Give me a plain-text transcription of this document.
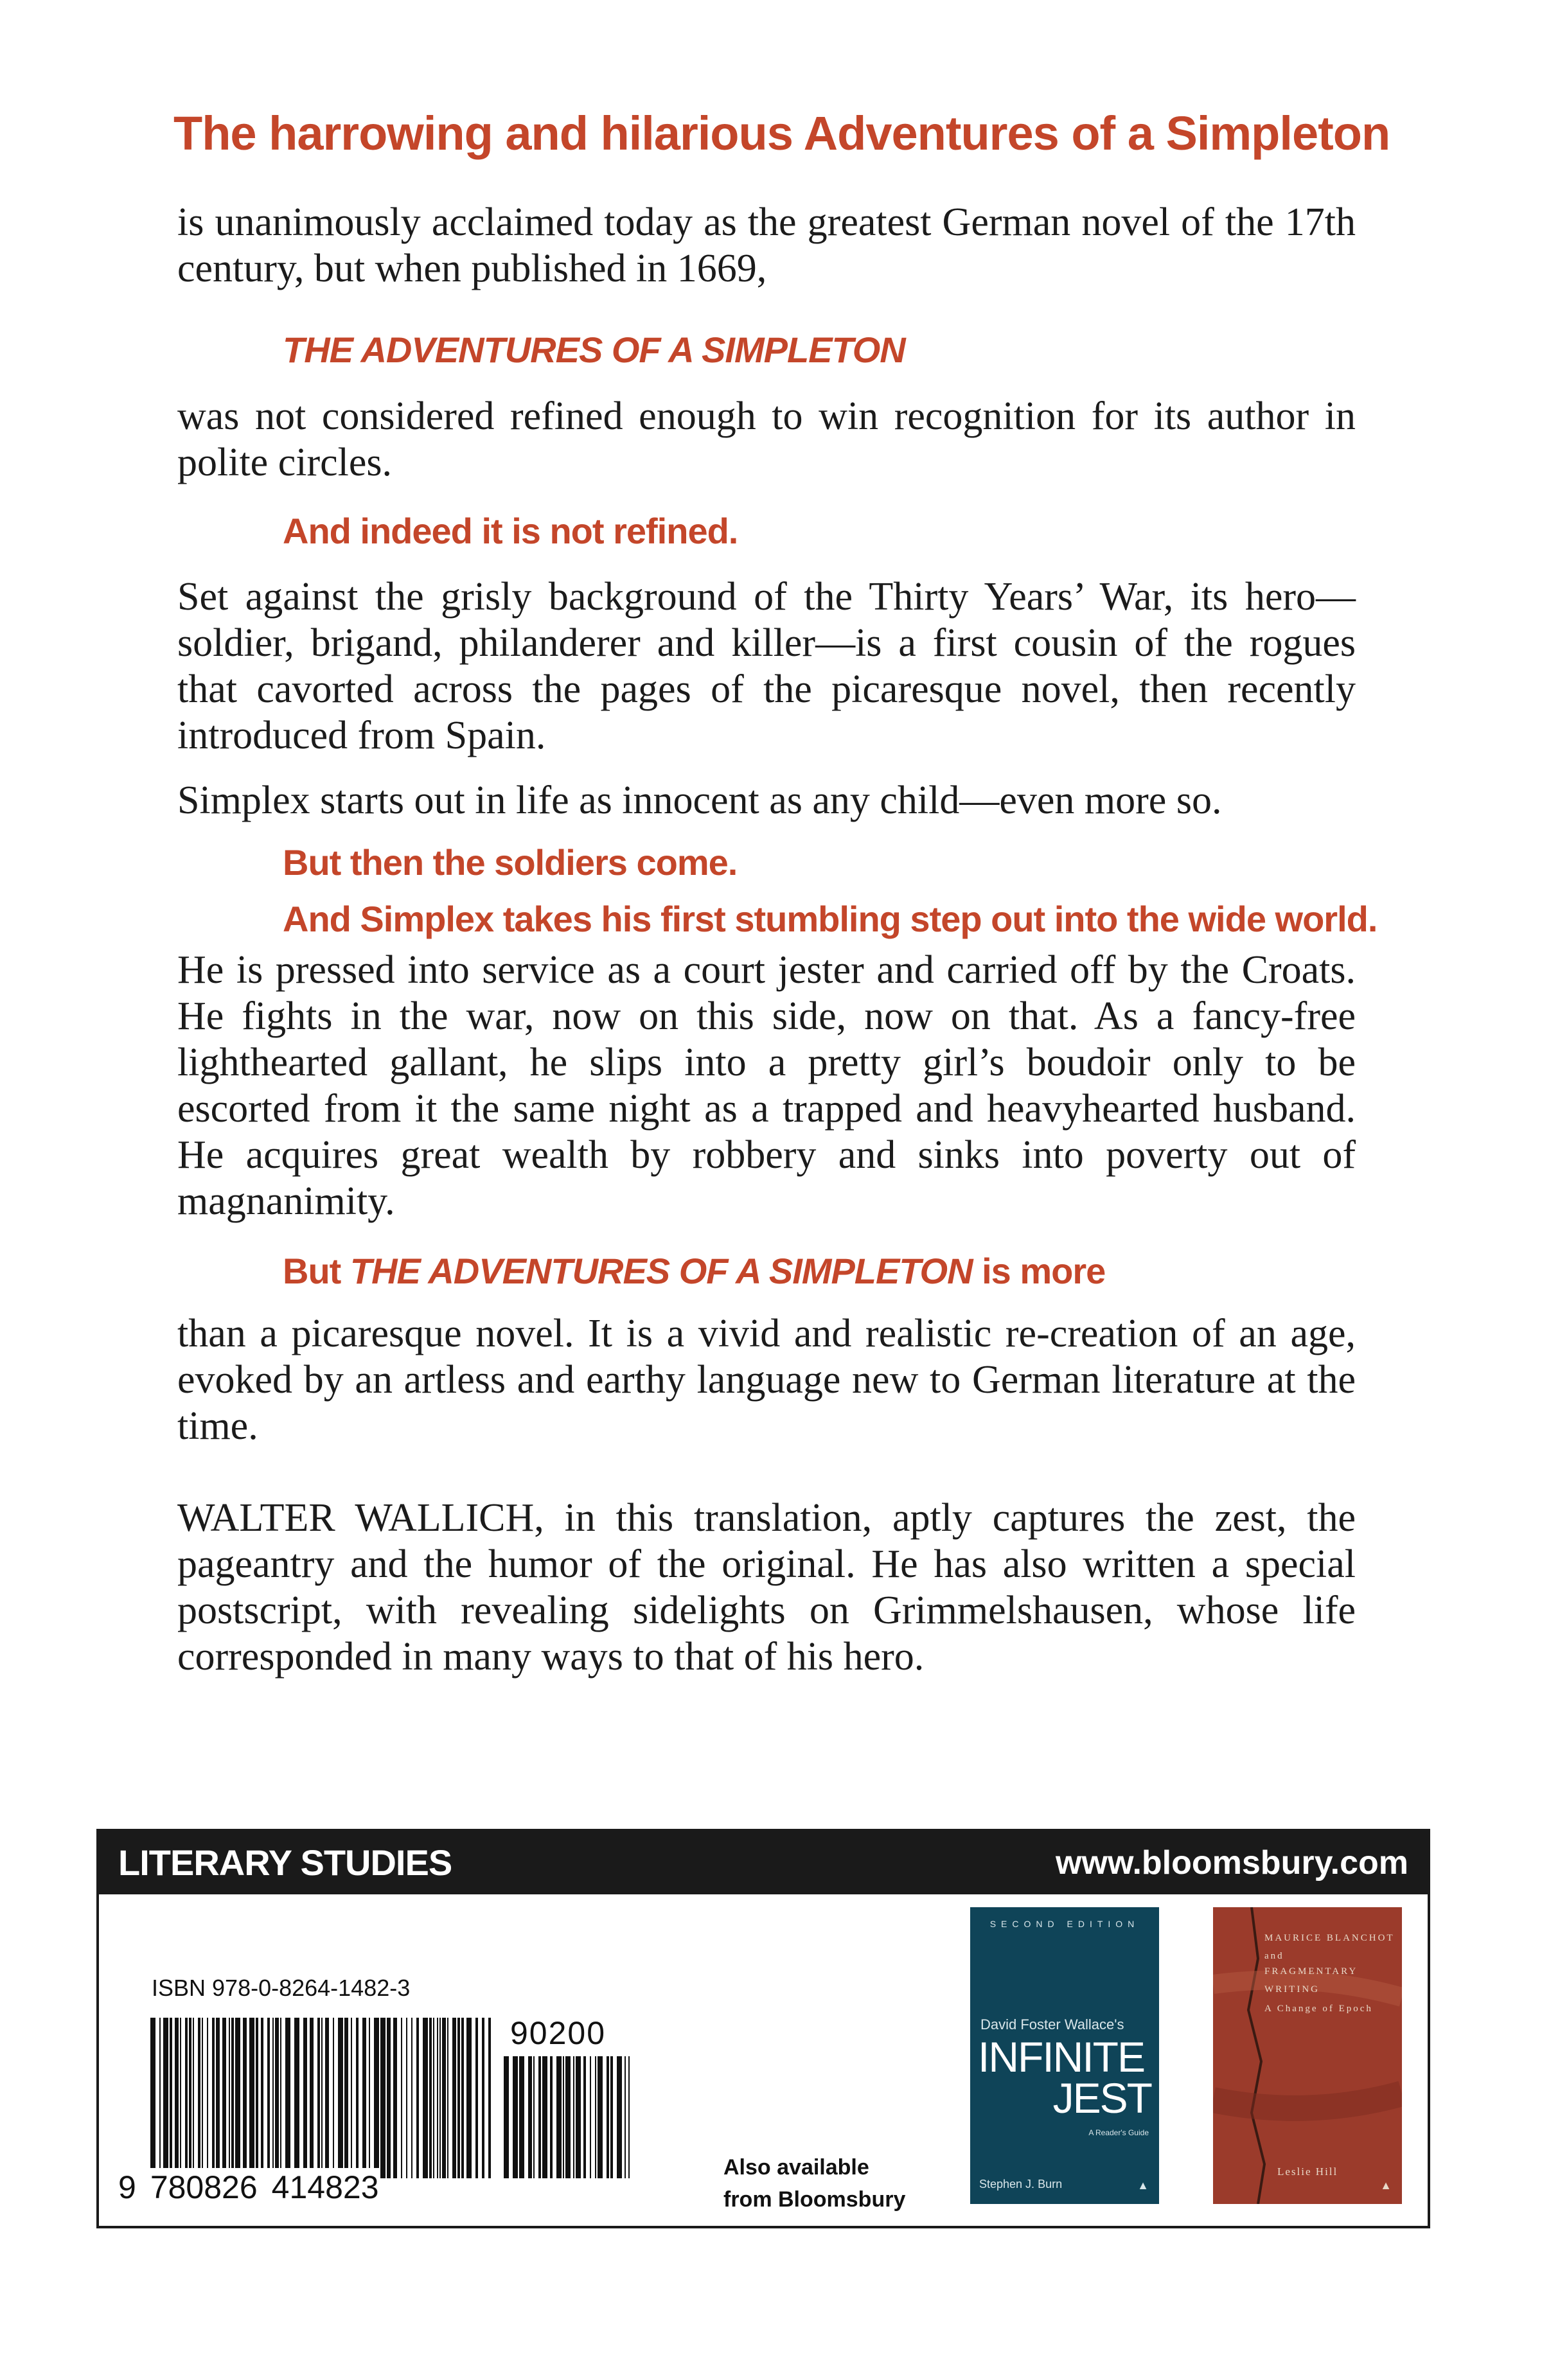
The harrowing and hilarious Adventures of a Simpleton
is unanimously acclaimed today as the greatest German novel of the 17th century, but when published in 1669,
THE ADVENTURES OF A SIMPLETON
was not considered refined enough to win recognition for its author in polite circles.
And indeed it is not refined.
Set against the grisly background of the Thirty Years’ War, its hero—soldier, brigand, philanderer and killer—is a first cousin of the rogues that cavorted across the pages of the picaresque novel, then recently introduced from Spain.
Simplex starts out in life as innocent as any child—even more so.
But then the soldiers come.
And Simplex takes his first stumbling step out into the wide world.
He is pressed into service as a court jester and carried off by the Croats. He fights in the war, now on this side, now on that. As a fancy-free lighthearted gallant, he slips into a pretty girl’s boudoir only to be escorted from it the same night as a trapped and heavyhearted husband. He acquires great wealth by robbery and sinks into poverty out of magnanimity.
But THE ADVENTURES OF A SIMPLETON is more
than a picaresque novel. It is a vivid and realistic re-creation of an age, evoked by an artless and earthy language new to German literature at the time.
WALTER WALLICH, in this translation, aptly captures the zest, the pageantry and the humor of the original. He has also written a special postscript, with revealing sidelights on Grimmelshausen, whose life corresponded in many ways to that of his hero.
LITERARY STUDIES	www.bloomsbury.com
ISBN 978-0-8264-1482-3
90200
9 780826 414823
Also available
from Bloomsbury
SECOND EDITION
David Foster Wallace's
INFINITE
JEST
A Reader's Guide
Stephen J. Burn	▲
MAURICE BLANCHOT
and
FRAGMENTARY
WRITING
A Change of Epoch
Leslie Hill
▲
